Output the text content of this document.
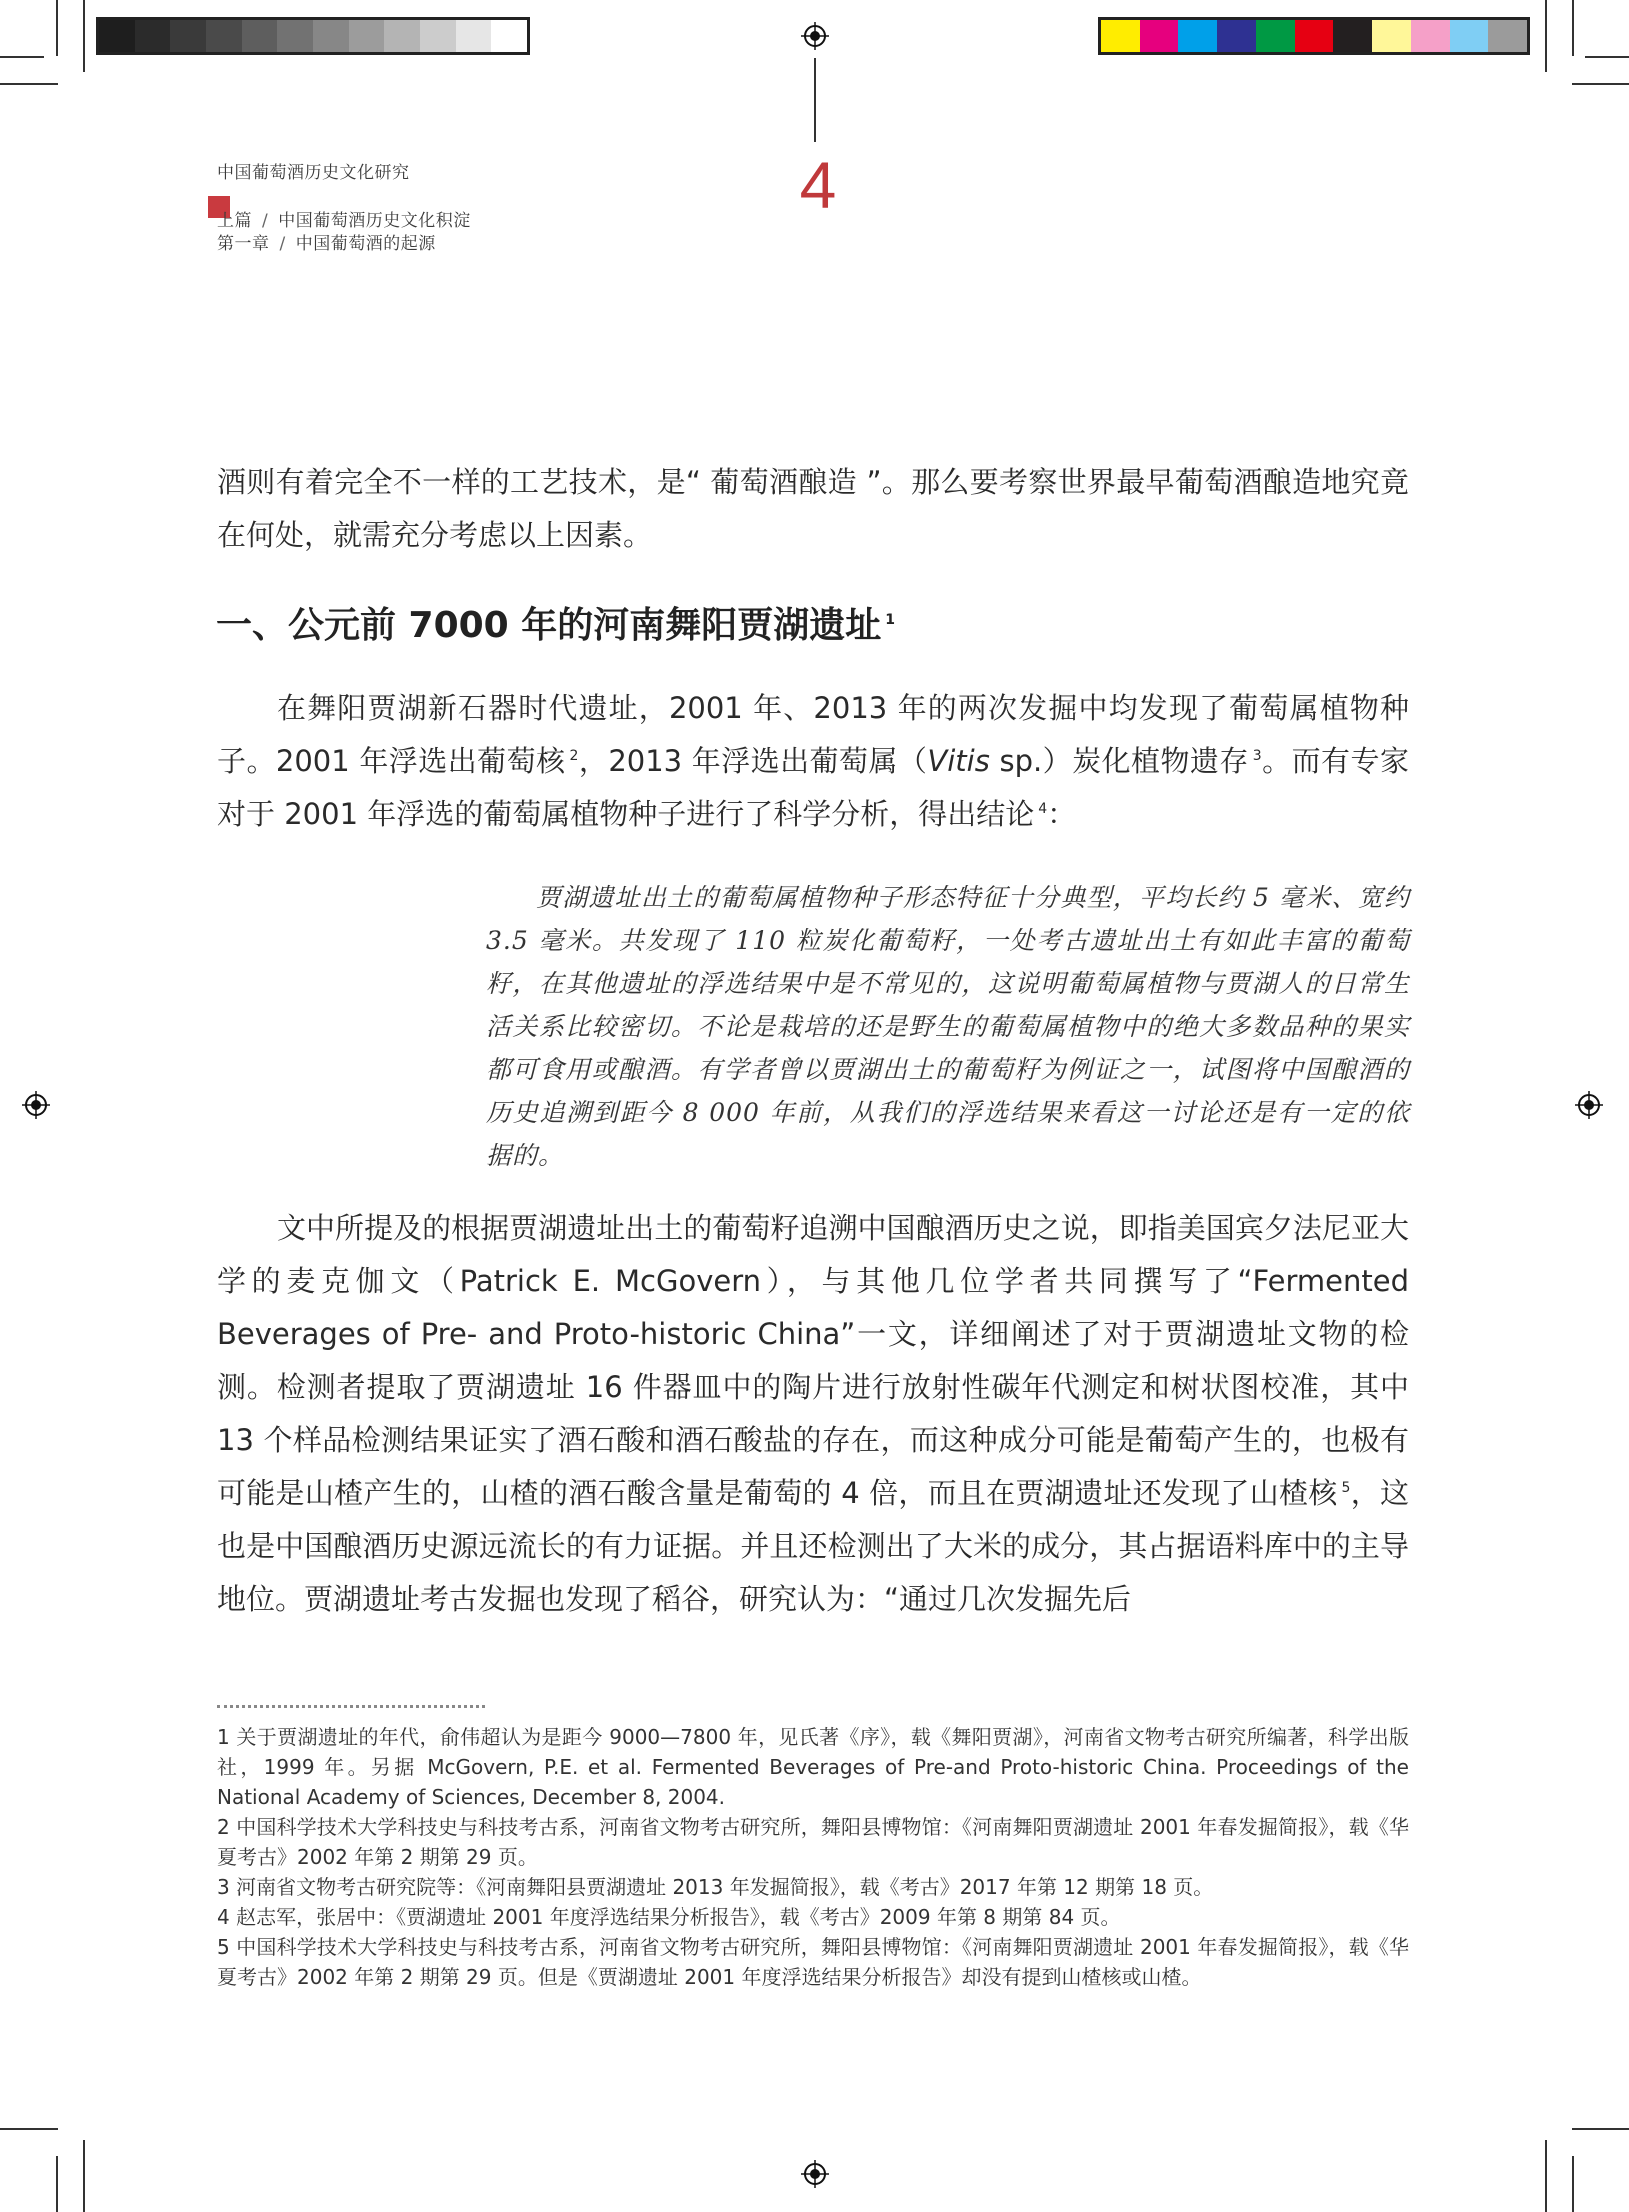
中国葡萄酒历史文化研究
上篇 / 中国葡萄酒历史文化积淀
第一章 / 中国葡萄酒的起源
4
酒则有着完全不一样的工艺技术，是“ 葡萄酒酿造 ”。那么要考察世界最早葡萄酒酿造地究竟在何处，就需充分考虑以上因素。
一、公元前 7000 年的河南舞阳贾湖遗址 $^1$
在舞阳贾湖新石器时代遗址，2001 年、2013 年的两次发掘中均发现了葡萄属植物种子。2001 年浮选出葡萄核 $^2$，2013 年浮选出葡萄属（Vitis sp.）炭化植物遗存 $^3$。而有专家对于 2001 年浮选的葡萄属植物种子进行了科学分析，得出结论 $^4$：
贾湖遗址出土的葡萄属植物种子形态特征十分典型，平均长约 5 毫米、宽约 3.5 毫米。共发现了 110 粒炭化葡萄籽，一处考古遗址出土有如此丰富的葡萄籽，在其他遗址的浮选结果中是不常见的，这说明葡萄属植物与贾湖人的日常生活关系比较密切。不论是栽培的还是野生的葡萄属植物中的绝大多数品种的果实都可食用或酿酒。有学者曾以贾湖出土的葡萄籽为例证之一，试图将中国酿酒的历史追溯到距今 8 000 年前，从我们的浮选结果来看这一讨论还是有一定的依据的。
文中所提及的根据贾湖遗址出土的葡萄籽追溯中国酿酒历史之说，即指美国宾夕法尼亚大学的麦克伽文（Patrick E. McGovern），与其他几位学者共同撰写了“Fermented Beverages of Pre- and Proto-historic China”一文，详细阐述了对于贾湖遗址文物的检测。检测者提取了贾湖遗址 16 件器皿中的陶片进行放射性碳年代测定和树状图校准，其中 13 个样品检测结果证实了酒石酸和酒石酸盐的存在，而这种成分可能是葡萄产生的，也极有可能是山楂产生的，山楂的酒石酸含量是葡萄的 4 倍，而且在贾湖遗址还发现了山楂核 $^5$，这也是中国酿酒历史源远流长的有力证据。并且还检测出了大米的成分，其占据语料库中的主导地位。贾湖遗址考古发掘也发现了稻谷，研究认为：“通过几次发掘先后

1 关于贾湖遗址的年代，俞伟超认为是距今 9000—7800 年，见氏著《序》，载《舞阳贾湖》，河南省文物考古研究所编著，科学出版社，1999 年。另据 McGovern, P.E. et al. Fermented Beverages of Pre-and Proto-historic China. Proceedings of the National Academy of Sciences, December 8, 2004.

2 中国科学技术大学科技史与科技考古系，河南省文物考古研究所，舞阳县博物馆：《河南舞阳贾湖遗址 2001 年春发掘简报》，载《华夏考古》2002 年第 2 期第 29 页。

3 河南省文物考古研究院等：《河南舞阳县贾湖遗址 2013 年发掘简报》，载《考古》2017 年第 12 期第 18 页。

4 赵志军，张居中：《贾湖遗址 2001 年度浮选结果分析报告》，载《考古》2009 年第 8 期第 84 页。

5 中国科学技术大学科技史与科技考古系，河南省文物考古研究所，舞阳县博物馆：《河南舞阳贾湖遗址 2001 年春发掘简报》，载《华夏考古》2002 年第 2 期第 29 页。但是《贾湖遗址 2001 年度浮选结果分析报告》却没有提到山楂核或山楂。
